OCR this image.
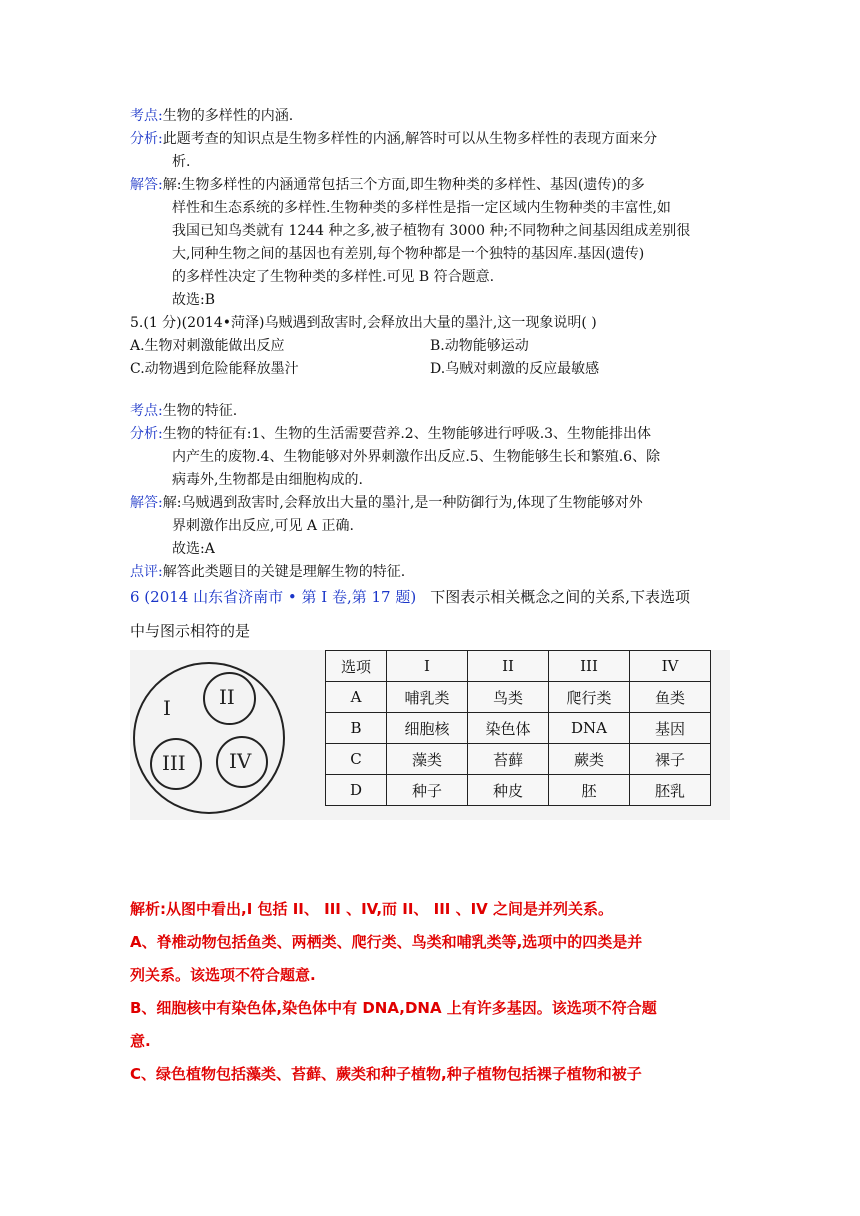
考点:生物的多样性的内涵.
分析:此题考查的知识点是生物多样性的内涵,解答时可以从生物多样性的表现方面来分
析.
解答:解:生物多样性的内涵通常包括三个方面,即生物种类的多样性、基因(遗传)的多
样性和生态系统的多样性.生物种类的多样性是指一定区域内生物种类的丰富性,如
我国已知鸟类就有 1244 种之多,被子植物有 3000 种;不同物种之间基因组成差别很
大,同种生物之间的基因也有差别,每个物种都是一个独特的基因库.基因(遗传)
的多样性决定了生物种类的多样性.可见 B 符合题意.
故选:B
5.(1 分)(2014•菏泽)乌贼遇到敌害时,会释放出大量的墨汁,这一现象说明( )
A.生物对刺激能做出反应	B.动物能够运动
C.动物遇到危险能释放墨汁	D.乌贼对刺激的反应最敏感
考点:生物的特征.
分析:生物的特征有:1、生物的生活需要营养.2、生物能够进行呼吸.3、生物能排出体
内产生的废物.4、生物能够对外界刺激作出反应.5、生物能够生长和繁殖.6、除
病毒外,生物都是由细胞构成的.
解答:解:乌贼遇到敌害时,会释放出大量的墨汁,是一种防御行为,体现了生物能够对外
界刺激作出反应,可见 A 正确.
故选:A
点评:解答此类题目的关键是理解生物的特征.
6 (2014 山东省济南市 • 第 I 卷,第 17 题) 下图表示相关概念之间的关系,下表选项
中与图示相符的是
I II
III IV
选项	I	II	III	IV
A	哺乳类	鸟类	爬行类	鱼类
B	细胞核	染色体	DNA	基因
C	藻类	苔藓	蕨类	裸子
D	种子	种皮	胚	胚乳
解析:从图中看出,I 包括 II、 III 、IV,而 II、 III 、IV 之间是并列关系。
A、脊椎动物包括鱼类、两栖类、爬行类、鸟类和哺乳类等,选项中的四类是并
列关系。该选项不符合题意.
B、细胞核中有染色体,染色体中有 DNA,DNA 上有许多基因。该选项不符合题
意.
C、绿色植物包括藻类、苔藓、蕨类和种子植物,种子植物包括裸子植物和被子
